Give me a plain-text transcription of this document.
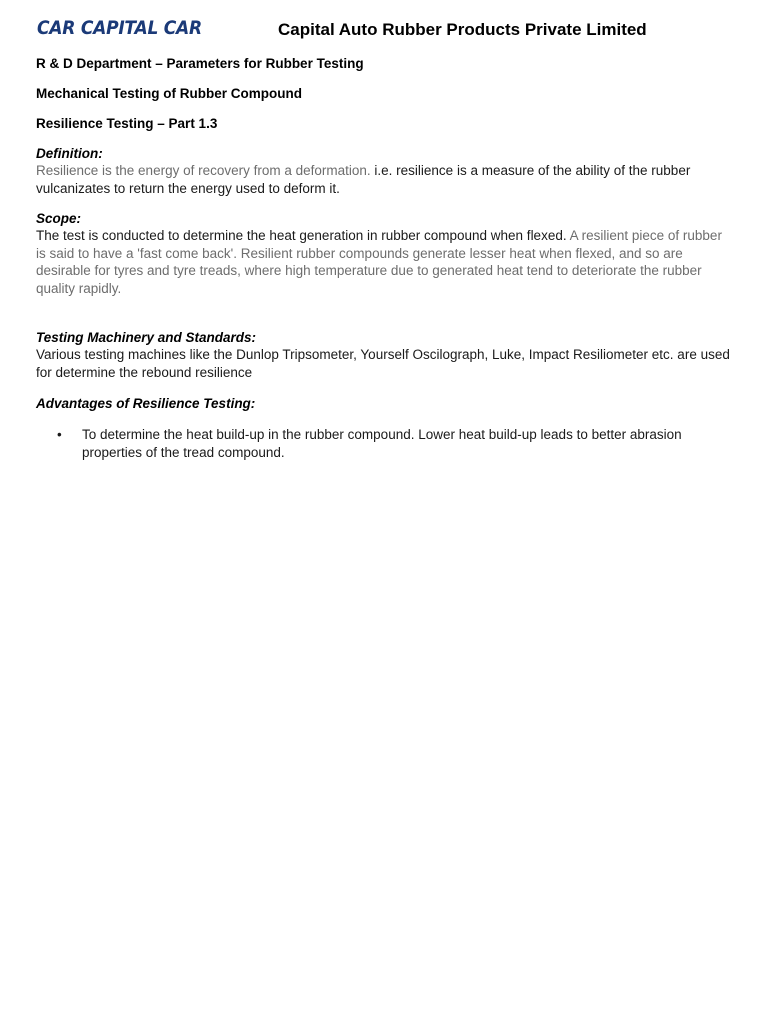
CAR CAPITAL CAR	Capital Auto Rubber Products Private Limited
R & D Department – Parameters for Rubber Testing
Mechanical Testing of Rubber Compound
Resilience Testing – Part 1.3

Definition:

Resilience is the energy of recovery from a deformation. i.e. resilience is a measure of the ability of the rubber vulcanizates to return the energy used to deform it.

Scope:

The test is conducted to determine the heat generation in rubber compound when flexed. A resilient piece of rubber is said to have a 'fast come back'. Resilient rubber compounds generate lesser heat when flexed, and so are desirable for tyres and tyre treads, where high temperature due to generated heat tend to deteriorate the rubber quality rapidly.

Testing Machinery and Standards:

Various testing machines like the Dunlop Tripsometer, Yourself Oscilograph, Luke, Impact Resiliometer etc. are used for determine the rebound resilience

Advantages of Resilience Testing:

• To determine the heat build-up in the rubber compound. Lower heat build-up leads to better abrasion properties of the tread compound.
